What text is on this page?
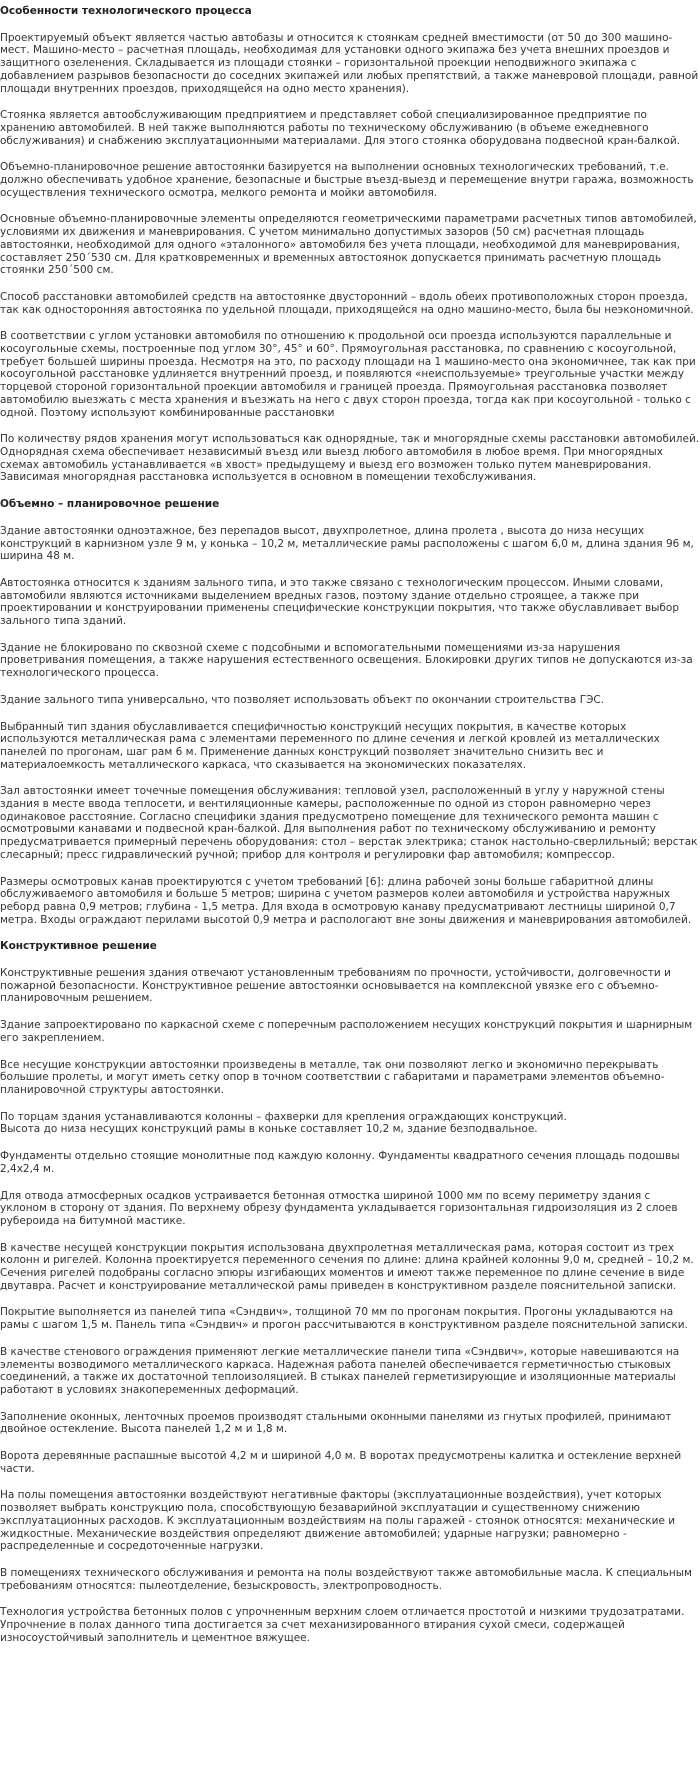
Особенности технологического процесса

Проектируемый объект является частью автобазы и относится к стоянкам средней вместимости (от 50 до 300 машино-мест. Машино-место – расчетная площадь, необходимая для установки одного экипажа без учета внешних проездов и защитного озеленения. Складывается из площади стоянки – горизонтальной проекции неподвижного экипажа с добавлением разрывов безопасности до соседних экипажей или любых препятствий, а также маневровой площади, равной площади внутренних проездов, приходящейся на одно место хранения).

Стоянка является автообслуживающим предприятием и представляет собой специализированное предприятие по хранению автомобилей. В ней также выполняются работы по техническому обслуживанию (в объеме ежедневного обслуживания) и снабжению эксплуатационными материалами. Для этого стоянка оборудована подвесной кран-балкой.

Объемно-планировочное решение автостоянки базируется на выполнении основных технологических требований, т.е. должно обеспечивать удобное хранение, безопасные и быстрые въезд-выезд и перемещение внутри гаража, возможность осуществления технического осмотра, мелкого ремонта и мойки автомобиля.

Основные объемно-планировочные элементы определяются геометрическими параметрами расчетных типов автомобилей, условиями их движения и маневрирования. С учетом минимально допустимых зазоров (50 см) расчетная площадь автостоянки, необходимой для одного «эталонного» автомобиля без учета площади, необходимой для маневрирования, составляет 250´530 см. Для кратковременных и временных автостоянок допускается принимать расчетную площадь стоянки 250´500 см.

Способ расстановки автомобилей средств на автостоянке двусторонний – вдоль обеих противоположных сторон проезда, так как односторонняя автостоянка по удельной площади, приходящейся на одно машино-место, была бы неэкономичной.

В соответствии с углом установки автомобиля по отношению к продольной оси проезда используются параллельные и косоугольные схемы, построенные под углом 30°, 45° и 60°. Прямоугольная расстановка, по сравнению с косоугольной, требует большей ширины проезда. Несмотря на это, по расходу площади на 1 машино-место она экономичнее, так как при косоугольной расстановке удлиняется внутренний проезд, и появляются «неиспользуемые» треугольные участки между торцевой стороной горизонтальной проекции автомобиля и границей проезда. Прямоугольная расстановка позволяет автомобилю выезжать с места хранения и въезжать на него с двух сторон проезда, тогда как при косоугольной - только с одной. Поэтому используют комбинированные расстановки

По количеству рядов хранения могут использоваться как однорядные, так и многорядные схемы расстановки автомобилей. Однорядная схема обеспечивает независимый въезд или выезд любого автомобиля в любое время. При многорядных схемах автомобиль устанавливается «в хвост» предыдущему и выезд его возможен только путем маневрирования. Зависимая многорядная расстановка используется в основном в помещении техобслуживания.

Объемно – планировочное решение

Здание автостоянки одноэтажное, без перепадов высот, двухпролетное, длина пролета , высота до низа несущих конструкций в карнизном узле 9 м, у конька – 10,2 м, металлические рамы расположены с шагом 6,0 м, длина здания 96 м, ширина 48 м.

Автостоянка относится к зданиям зального типа, и это также связано с технологическим процессом. Иными словами, автомобили являются источниками выделением вредных газов, поэтому здание отдельно строящее, а также при проектировании и конструировании применены специфические конструкции покрытия, что также обуславливает выбор зального типа зданий.

Здание не блокировано по сквозной схеме с подсобными и вспомогательными помещениями из-за нарушения проветривания помещения, а также нарушения естественного освещения. Блокировки других типов не допускаются из-за технологического процесса.

Здание зального типа универсально, что позволяет использовать объект по окончании строительства ГЭС.

Выбранный тип здания обуславливается специфичностью конструкций несущих покрытия, в качестве которых используются металлическая рама с элементами переменного по длине сечения и легкой кровлей из металлических панелей по прогонам, шаг рам 6 м. Применение данных конструкций позволяет значительно снизить вес и материалоемкость металлического каркаса, что сказывается на экономических показателях.

Зал автостоянки имеет точечные помещения обслуживания: тепловой узел, расположенный в углу у наружной стены здания в месте ввода теплосети, и вентиляционные камеры, расположенные по одной из сторон равномерно через одинаковое расстояние. Согласно специфики здания предусмотрено помещение для технического ремонта машин с осмотровыми канавами и подвесной кран-балкой. Для выполнения работ по техническому обслуживанию и ремонту предусматривается примерный перечень оборудования: стол – верстак электрика; станок настольно-сверлильный; верстак слесарный; пресс гидравлический ручной; прибор для контроля и регулировки фар автомобиля; компрессор.

Размеры осмотровых канав проектируются с учетом требований [6]: длина рабочей зоны больше габаритной длины обслуживаемого автомобиля и больше 5 метров; ширина с учетом размеров колеи автомобиля и устройства наружных реборд равна 0,9 метров; глубина - 1,5 метра. Для входа в осмотровую канаву предусматривают лестницы шириной 0,7 метра. Входы ограждают перилами высотой 0,9 метра и распологают вне зоны движения и маневрирования автомобилей.

Конструктивное решение

Конструктивные решения здания отвечают установленным требованиям по прочности, устойчивости, долговечности и пожарной безопасности. Конструктивное решение автостоянки основывается на комплексной увязке его с объемно-планировочным решением.

Здание запроектировано по каркасной схеме с поперечным расположением несущих конструкций покрытия и шарнирным его закреплением.

Все несущие конструкции автостоянки произведены в металле, так они позволяют легко и экономично перекрывать большие пролеты, и могут иметь сетку опор в точном соответствии с габаритами и параметрами элементов объемно-планировочной структуры автостоянки.

По торцам здания устанавливаются колонны – фахверки для крепления ограждающих конструкций.
Высота до низа несущих конструкций рамы в коньке составляет 10,2 м, здание безподвальное.

Фундаменты отдельно стоящие монолитные под каждую колонну. Фундаменты квадратного сечения площадь подошвы 2,4х2,4 м.

Для отвода атмосферных осадков устраивается бетонная отмостка шириной 1000 мм по всему периметру здания с уклоном в сторону от здания. По верхнему обрезу фундамента укладывается горизонтальная гидроизоляция из 2 слоев рубероида на битумной мастике.

В качестве несущей конструкции покрытия использована двухпролетная металлическая рама, которая состоит из трех колонн и ригелей. Колонна проектируется переменного сечения по длине: длина крайней колонны 9,0 м, средней – 10,2 м. Сечения ригелей подобраны согласно эпюры изгибающих моментов и имеют также переменное по длине сечение в виде двутавра. Расчет и конструирование металлической рамы приведен в конструктивном разделе пояснительной записки.

Покрытие выполняется из панелей типа «Сэндвич», толщиной 70 мм по прогонам покрытия. Прогоны укладываются на рамы с шагом 1,5 м. Панель типа «Сэндвич» и прогон рассчитываются в конструктивном разделе пояснительной записки.

В качестве стенового ограждения применяют легкие металлические панели типа «Сэндвич», которые навешиваются на элементы возводимого металлического каркаса. Надежная работа панелей обеспечивается герметичностью стыковых соединений, а также их достаточной теплоизоляцией. В стыках панелей герметизирующие и изоляционные материалы работают в условиях знакопеременных деформаций.

Заполнение оконных, ленточных проемов производят стальными оконными панелями из гнутых профилей, принимают двойное остекление. Высота панелей 1,2 м и 1,8 м.

Ворота деревянные распашные высотой 4,2 м и шириной 4,0 м. В воротах предусмотрены калитка и остекление верхней части.

На полы помещения автостоянки воздействуют негативные факторы (эксплуатационные воздействия), учет которых позволяет выбрать конструкцию пола, способствующую безаварийной эксплуатации и существенному снижению эксплуатационных расходов. К эксплуатационным воздействиям на полы гаражей - стоянок относятся: механические и жидкостные. Механические воздействия определяют движение автомобилей; ударные нагрузки; равномерно - распределенные и сосредоточенные нагрузки.

В помещениях технического обслуживания и ремонта на полы воздействуют также автомобильные масла. К специальным требованиям относятся: пылеотделение, безыскровость, электропроводность.

Технология устройства бетонных полов с упрочненным верхним слоем отличается простотой и низкими трудозатратами.
Упрочнение в полах данного типа достигается за счет механизированного втирания сухой смеси, содержащей
износоустойчивый заполнитель и цементное вяжущее.
